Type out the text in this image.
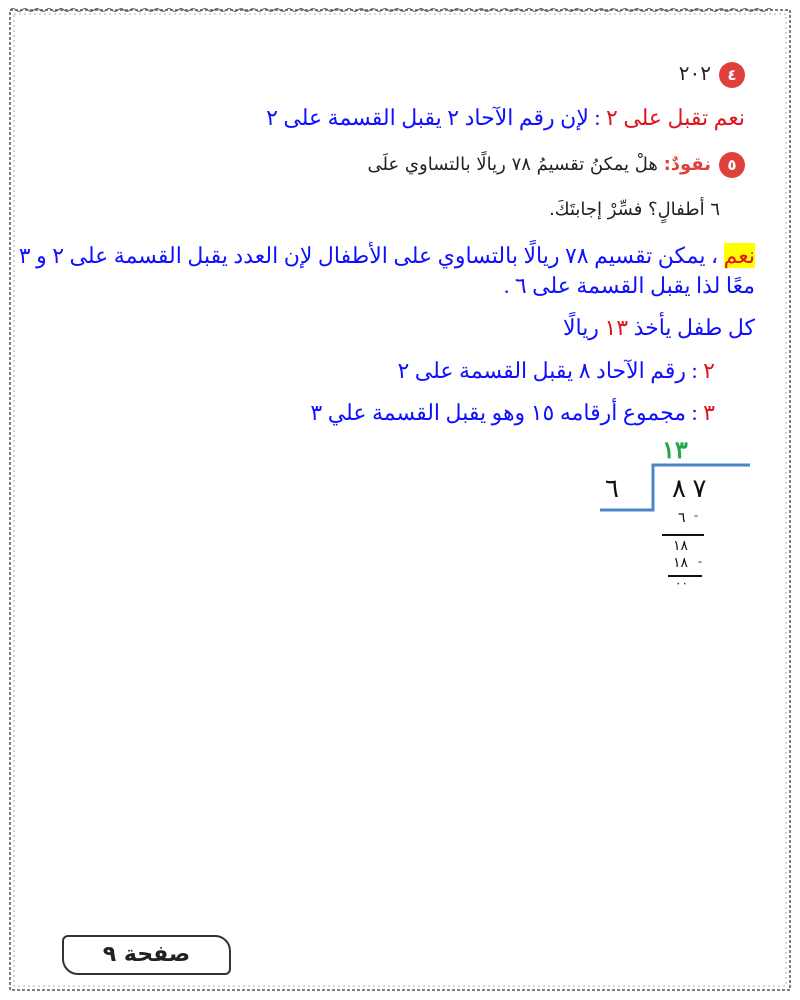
٤٢٠٢
نعم تقبل على ٢ : لإن رقم الآحاد ٢ يقبل القسمة على ٢
٥نقودٌ: هلْ يمكنُ تقسيمُ ٧٨ ريالًا بالتساوي علَى
٦ أطفالٍ؟ فسِّرْ إجابتَكَ.
نعم ، يمكن تقسيم ٧٨ ريالًا بالتساوي على الأطفال لإن العدد يقبل القسمة على ٢ و ٣
معًا لذا يقبل القسمة على ٦ .
كل طفل يأخذ ١٣ ريالًا
٢ : رقم الآحاد ٨ يقبل القسمة على ٢
٣ : مجموع أرقامه ١٥ وهو يقبل القسمة علي ٣
١٣
٦ ٧ ٨
٦ -
١٨
١٨ -
٠٠
صفحة ٩
